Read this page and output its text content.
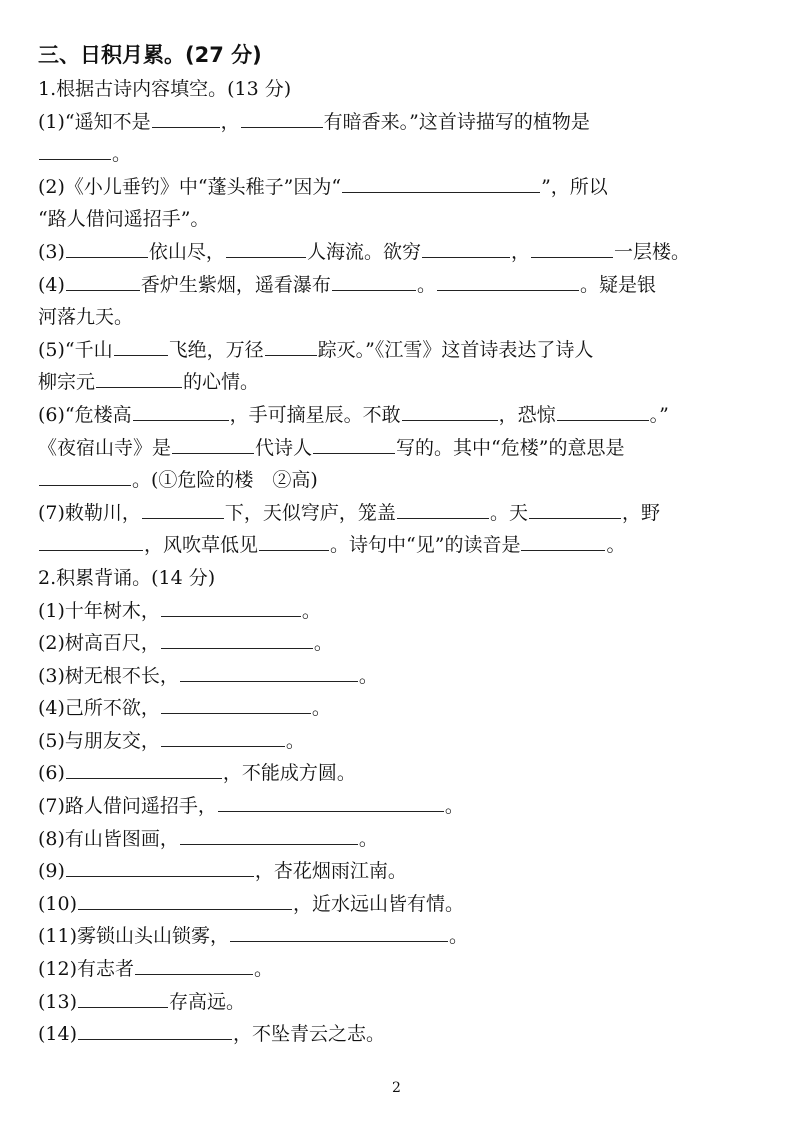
三、日积月累。(27 分)
1.根据古诗内容填空。(13 分)
(1)“遥知不是	，	有暗香来。”这首诗描写的植物是
。
(2)《小儿垂钓》中“蓬头稚子”因为“	”，所以
“路人借问遥招手”。
(3)	依山尽，	人海流。欲穷	，	一层楼。
(4)	香炉生紫烟，遥看瀑布	。	。疑是银
河落九天。
(5)“千山	飞绝，万径	踪灭。”《江雪》这首诗表达了诗人
柳宗元	的心情。
(6)“危楼高	，手可摘星辰。不敢	，恐惊	。”
《夜宿山寺》是	代诗人	写的。其中“危楼”的意思是
。(①危险的楼　②高)
(7)敕勒川，	下，天似穹庐，笼盖	。天	，野
，风吹草低见	。诗句中“见”的读音是	。
2.积累背诵。(14 分)
(1)十年树木，	。
(2)树高百尺，	。
(3)树无根不长，	。
(4)己所不欲，	。
(5)与朋友交，	。
(6)	，不能成方圆。
(7)路人借问遥招手，	。
(8)有山皆图画，	。
(9)	，杏花烟雨江南。
(10)	，近水远山皆有情。
(11)雾锁山头山锁雾，	。
(12)有志者	。
(13)	存高远。
(14)	，不坠青云之志。
2
